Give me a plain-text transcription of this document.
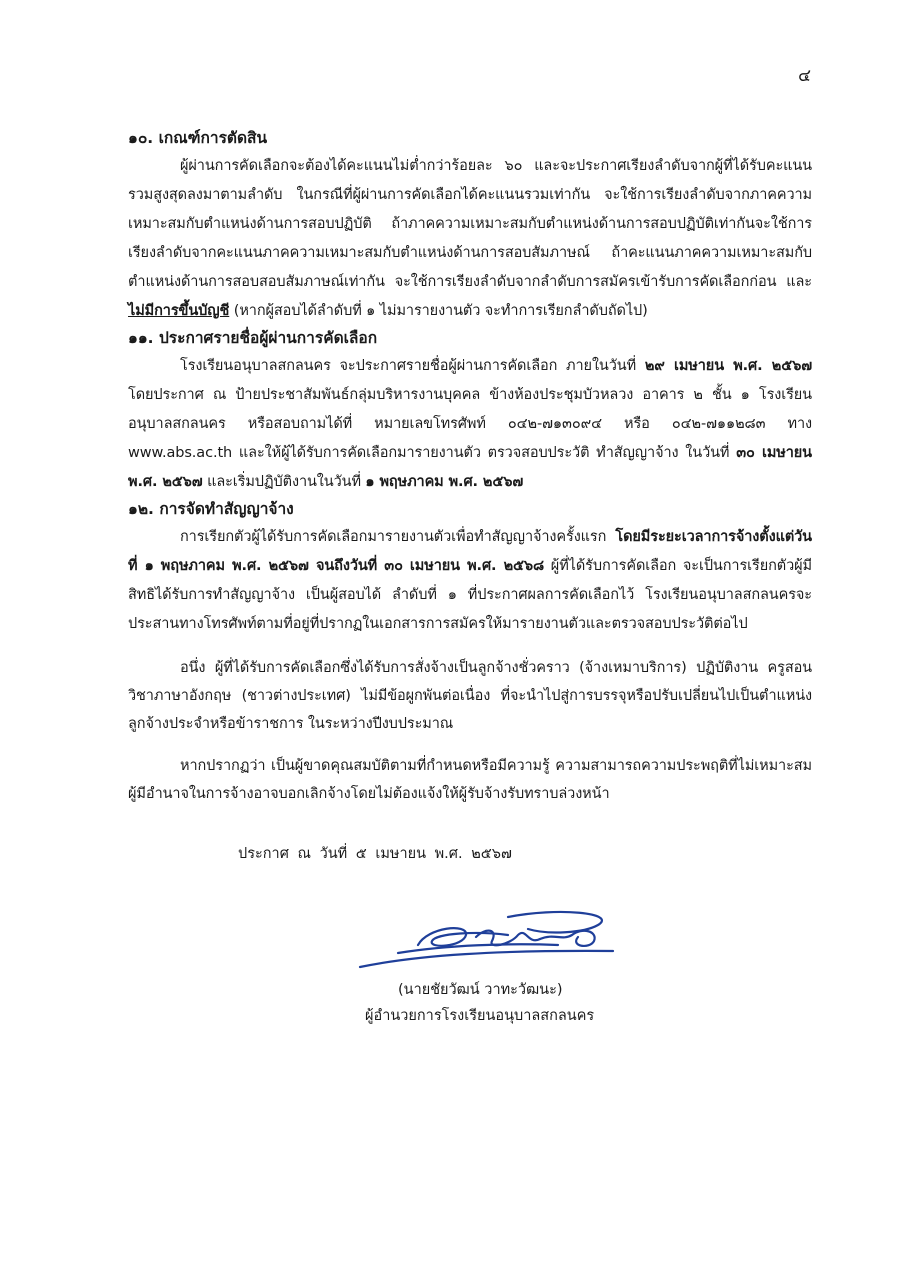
๔

๑๐. เกณฑ์การตัดสิน

ผู้ผ่านการคัดเลือกจะต้องได้คะแนนไม่ต่ำกว่าร้อยละ ๖๐ และจะประกาศเรียงลำดับจากผู้ที่ได้รับคะแนนรวมสูงสุดลงมาตามลำดับ ในกรณีที่ผู้ผ่านการคัดเลือกได้คะแนนรวมเท่ากัน จะใช้การเรียงลำดับจากภาคความเหมาะสมกับตำแหน่งด้านการสอบปฏิบัติ ถ้าภาคความเหมาะสมกับตำแหน่งด้านการสอบปฏิบัติเท่ากันจะใช้การเรียงลำดับจากคะแนนภาคความเหมาะสมกับตำแหน่งด้านการสอบสัมภาษณ์ ถ้าคะแนนภาคความเหมาะสมกับตำแหน่งด้านการสอบสอบสัมภาษณ์เท่ากัน จะใช้การเรียงลำดับจากลำดับการสมัครเข้ารับการคัดเลือกก่อน และไม่มีการขึ้นบัญชี (หากผู้สอบได้ลำดับที่ ๑ ไม่มารายงานตัว จะทำการเรียกลำดับถัดไป)

๑๑. ประกาศรายชื่อผู้ผ่านการคัดเลือก

โรงเรียนอนุบาลสกลนคร จะประกาศรายชื่อผู้ผ่านการคัดเลือก ภายในวันที่ ๒๙ เมษายน พ.ศ. ๒๕๖๗ โดยประกาศ ณ ป้ายประชาสัมพันธ์กลุ่มบริหารงานบุคคล ข้างห้องประชุมบัวหลวง อาคาร ๒ ชั้น ๑ โรงเรียนอนุบาลสกลนคร หรือสอบถามได้ที่ หมายเลขโทรศัพท์ ๐๔๒-๗๑๓๐๙๔ หรือ ๐๔๒-๗๑๑๒๘๓ ทาง www.abs.ac.th และให้ผู้ได้รับการคัดเลือกมารายงานตัว ตรวจสอบประวัติ ทำสัญญาจ้าง ในวันที่ ๓๐ เมษายน พ.ศ. ๒๕๖๗ และเริ่มปฏิบัติงานในวันที่ ๑ พฤษภาคม พ.ศ. ๒๕๖๗

๑๒. การจัดทำสัญญาจ้าง

การเรียกตัวผู้ได้รับการคัดเลือกมารายงานตัวเพื่อทำสัญญาจ้างครั้งแรก โดยมีระยะเวลาการจ้างตั้งแต่วันที่ ๑ พฤษภาคม พ.ศ. ๒๕๖๗ จนถึงวันที่ ๓๐ เมษายน พ.ศ. ๒๕๖๘ ผู้ที่ได้รับการคัดเลือก จะเป็นการเรียกตัวผู้มีสิทธิได้รับการทำสัญญาจ้าง เป็นผู้สอบได้ ลำดับที่ ๑ ที่ประกาศผลการคัดเลือกไว้ โรงเรียนอนุบาลสกลนครจะประสานทางโทรศัพท์ตามที่อยู่ที่ปรากฏในเอกสารการสมัครให้มารายงานตัวและตรวจสอบประวัติต่อไป

อนึ่ง ผู้ที่ได้รับการคัดเลือกซึ่งได้รับการสั่งจ้างเป็นลูกจ้างชั่วคราว (จ้างเหมาบริการ) ปฏิบัติงาน ครูสอนวิชาภาษาอังกฤษ (ชาวต่างประเทศ) ไม่มีข้อผูกพันต่อเนื่อง ที่จะนำไปสู่การบรรจุหรือปรับเปลี่ยนไปเป็นตำแหน่งลูกจ้างประจำหรือข้าราชการ ในระหว่างปีงบประมาณ

หากปรากฏว่า เป็นผู้ขาดคุณสมบัติตามที่กำหนดหรือมีความรู้ ความสามารถความประพฤติที่ไม่เหมาะสม ผู้มีอำนาจในการจ้างอาจบอกเลิกจ้างโดยไม่ต้องแจ้งให้ผู้รับจ้างรับทราบล่วงหน้า

ประกาศ ณ วันที่ ๕ เมษายน พ.ศ. ๒๕๖๗
(นายชัยวัฒน์ วาทะวัฒนะ)
ผู้อำนวยการโรงเรียนอนุบาลสกลนคร
